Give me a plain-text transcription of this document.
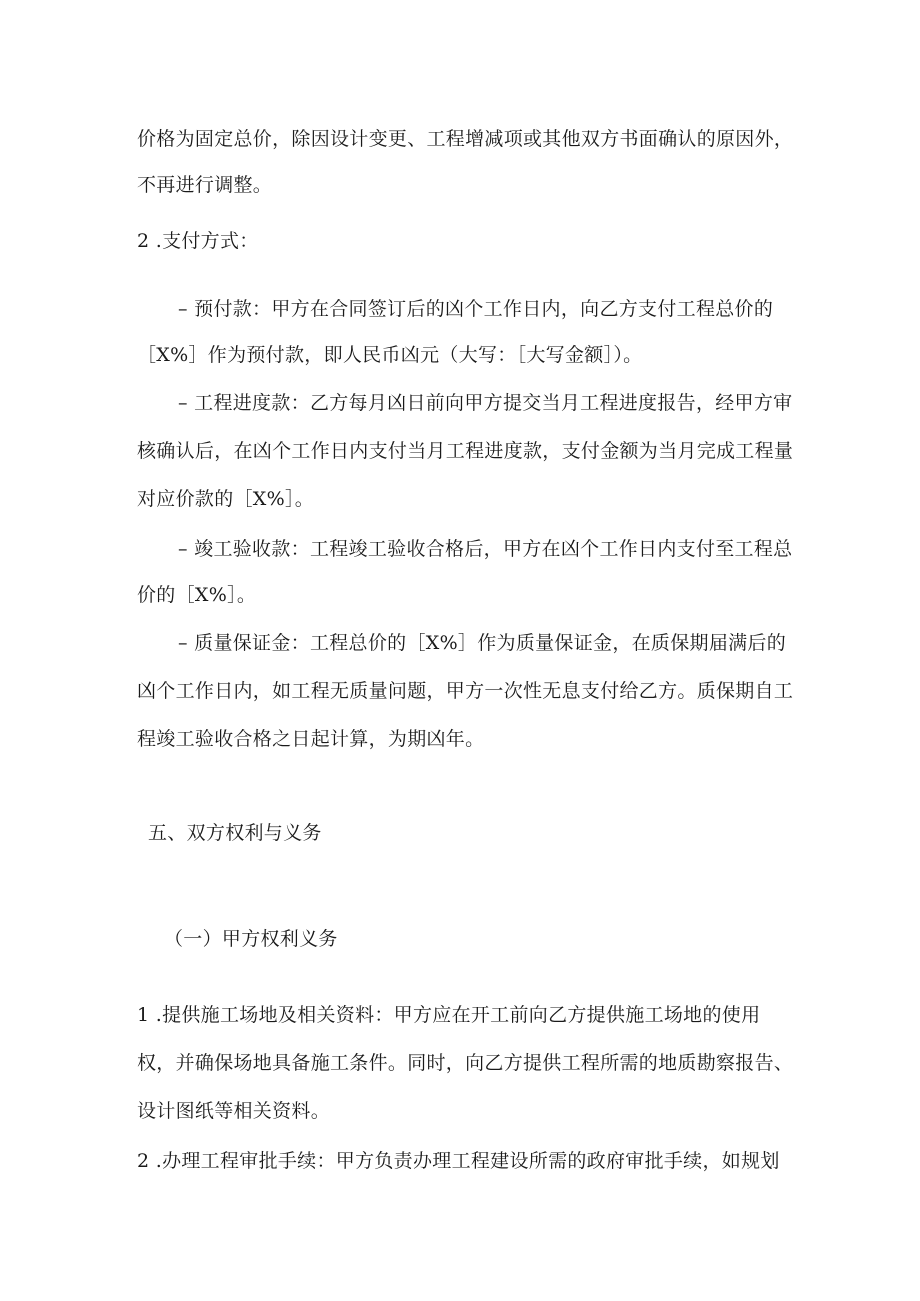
价格为固定总价，除因设计变更、工程增减项或其他双方书面确认的原因外，
不再进行调整。
2 .支付方式：
– 预付款：甲方在合同签订后的凶个工作日内，向乙方支付工程总价的
［X%］作为预付款，即人民币凶元（大写：［大写金额］）。
– 工程进度款：乙方每月凶日前向甲方提交当月工程进度报告，经甲方审
核确认后，在凶个工作日内支付当月工程进度款，支付金额为当月完成工程量
对应价款的［X%］。
– 竣工验收款：工程竣工验收合格后，甲方在凶个工作日内支付至工程总
价的［X%］。
– 质量保证金：工程总价的［X%］作为质量保证金，在质保期届满后的
凶个工作日内，如工程无质量问题，甲方一次性无息支付给乙方。质保期自工
程竣工验收合格之日起计算，为期凶年。
五、双方权利与义务
（一）甲方权利义务
1 .提供施工场地及相关资料：甲方应在开工前向乙方提供施工场地的使用
权，并确保场地具备施工条件。同时，向乙方提供工程所需的地质勘察报告、
设计图纸等相关资料。
2 .办理工程审批手续：甲方负责办理工程建设所需的政府审批手续，如规划
